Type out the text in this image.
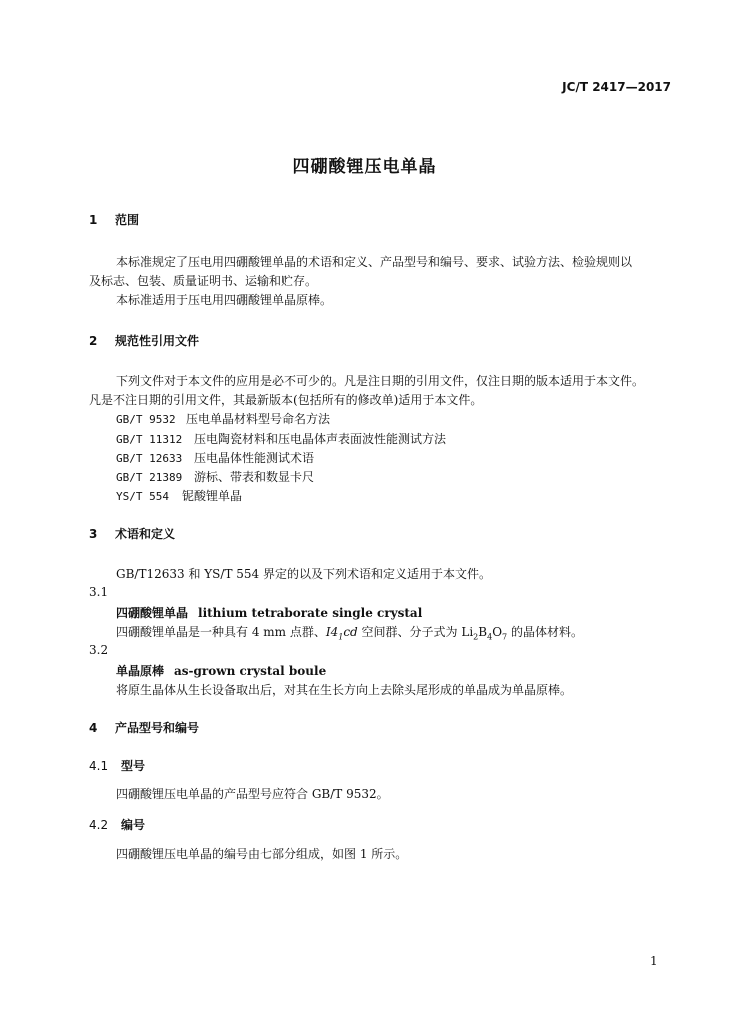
JC/T 2417—2017
四硼酸锂压电单晶
1 范围
本标准规定了压电用四硼酸锂单晶的术语和定义、产品型号和编号、要求、试验方法、检验规则以
及标志、包装、质量证明书、运输和贮存。
本标准适用于压电用四硼酸锂单晶原棒。
2 规范性引用文件
下列文件对于本文件的应用是必不可少的。凡是注日期的引用文件，仅注日期的版本适用于本文件。
凡是不注日期的引用文件，其最新版本(包括所有的修改单)适用于本文件。
GB/T 9532 压电单晶材料型号命名方法
GB/T 11312 压电陶瓷材料和压电晶体声表面波性能测试方法
GB/T 12633 压电晶体性能测试术语
GB/T 21389 游标、带表和数显卡尺
YS/T 554 铌酸锂单晶
3 术语和定义
GB/T12633 和 YS/T 554 界定的以及下列术语和定义适用于本文件。
3.1
四硼酸锂单晶 lithium tetraborate single crystal
四硼酸锂单晶是一种具有 4 mm 点群、$I4_1cd$ 空间群、分子式为 $Li_2B_4O_7$ 的晶体材料。
3.2
单晶原棒 as-grown crystal boule
将原生晶体从生长设备取出后，对其在生长方向上去除头尾形成的单晶成为单晶原棒。
4 产品型号和编号
4.1 型号
四硼酸锂压电单晶的产品型号应符合 GB/T 9532。
4.2 编号
四硼酸锂压电单晶的编号由七部分组成，如图 1 所示。
1
